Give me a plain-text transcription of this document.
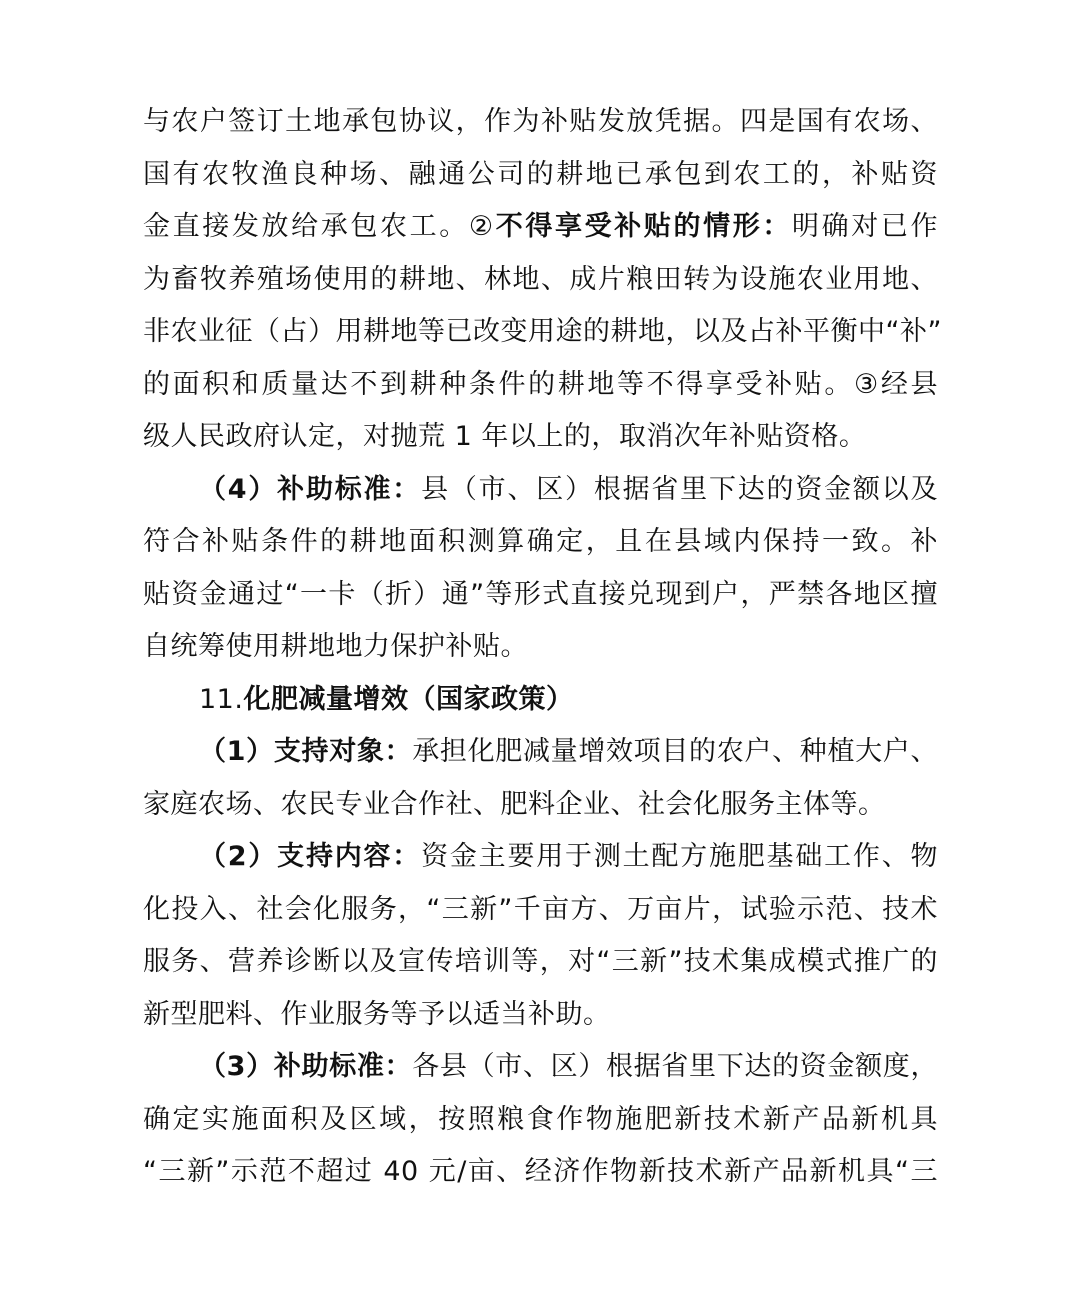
与农户签订土地承包协议，作为补贴发放凭据。四是国有农场、
国有农牧渔良种场、融通公司的耕地已承包到农工的，补贴资
金直接发放给承包农工。②不得享受补贴的情形：明确对已作
为畜牧养殖场使用的耕地、林地、成片粮田转为设施农业用地、
非农业征（占）用耕地等已改变用途的耕地，以及占补平衡中“补”
的面积和质量达不到耕种条件的耕地等不得享受补贴。③经县
级人民政府认定，对抛荒 1 年以上的，取消次年补贴资格。
（4）补助标准：县（市、区）根据省里下达的资金额以及
符合补贴条件的耕地面积测算确定，且在县域内保持一致。补
贴资金通过“一卡（折）通”等形式直接兑现到户，严禁各地区擅
自统筹使用耕地地力保护补贴。
11.化肥减量增效（国家政策）
（1）支持对象：承担化肥减量增效项目的农户、种植大户、
家庭农场、农民专业合作社、肥料企业、社会化服务主体等。
（2）支持内容：资金主要用于测土配方施肥基础工作、物
化投入、社会化服务，“三新”千亩方、万亩片，试验示范、技术
服务、营养诊断以及宣传培训等，对“三新”技术集成模式推广的
新型肥料、作业服务等予以适当补助。
（3）补助标准：各县（市、区）根据省里下达的资金额度，
确定实施面积及区域，按照粮食作物施肥新技术新产品新机具
“三新”示范不超过 40 元/亩、经济作物新技术新产品新机具“三
